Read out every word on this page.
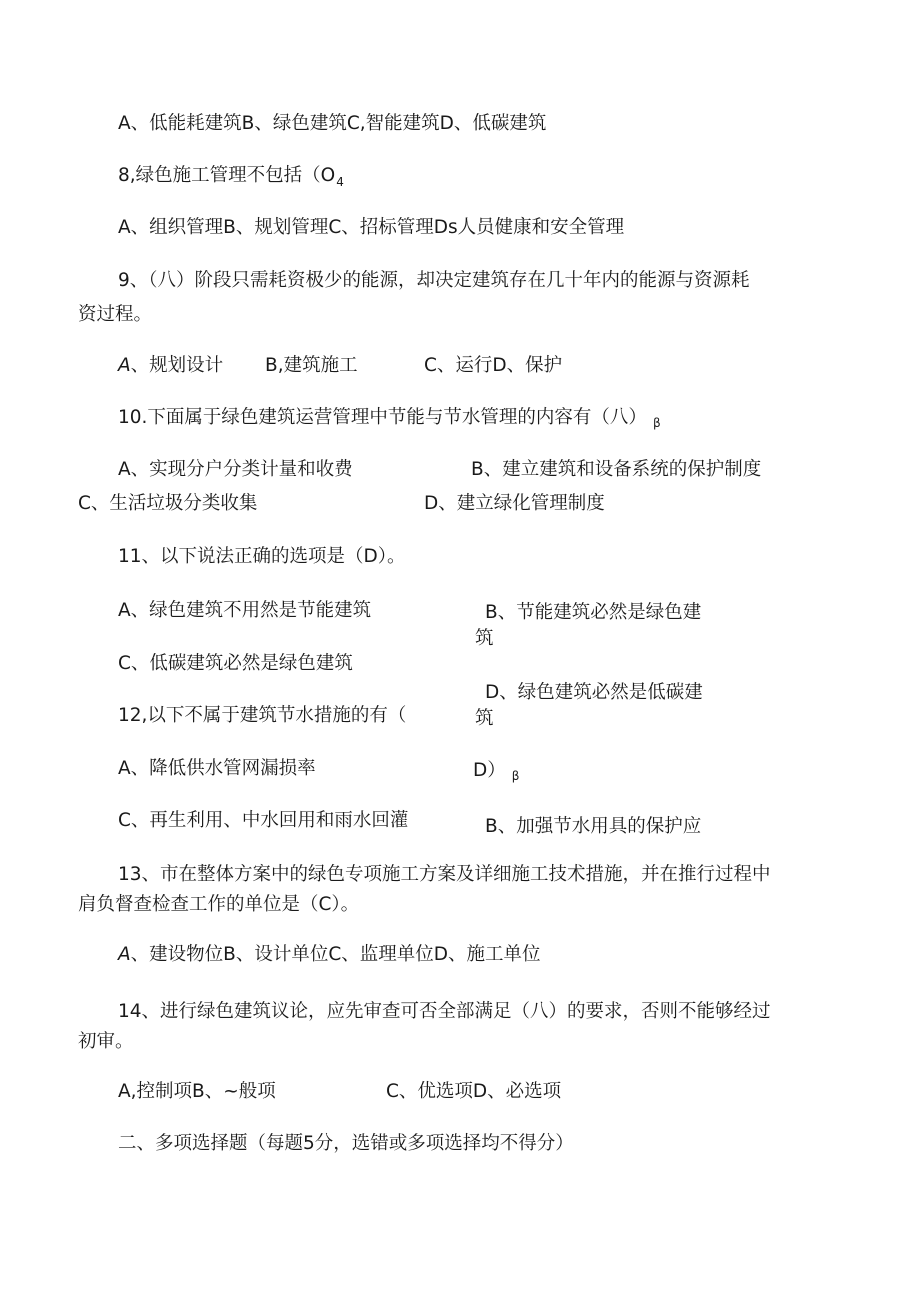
A、低能耗建筑B、绿色建筑C,智能建筑D、低碳建筑

8,绿色施工管理不包括（$O_4$

A、组织管理B、规划管理C、招标管理Ds人员健康和安全管理

9、（八）阶段只需耗资极少的能源，却决定建筑存在几十年内的能源与资源耗

资过程。

A、规划设计 B,建筑施工	C、运行D、保护

10.下面属于绿色建筑运营管理中节能与节水管理的内容有（八） $_\beta$

A、实现分户分类计量和收费	B、建立建筑和设备系统的保护制度

C、生活垃圾分类收集	D、建立绿化管理制度

11、以下说法正确的选项是（D）。

A、绿色建筑不用然是节能建筑	B、节能建筑必然是绿色建

筑

C、低碳建筑必然是绿色建筑

D、绿色建筑必然是低碳建

筑

12,以下不属于建筑节水措施的有（

A、降低供水管网漏损率	D） $_\beta$

C、再生利用、中水回用和雨水回灌	B、加强节水用具的保护应

13、市在整体方案中的绿色专项施工方案及详细施工技术措施，并在推行过程中

肩负督查检查工作的单位是（C）。

A、建设物位B、设计单位C、监理单位D、施工单位

14、进行绿色建筑议论，应先审查可否全部满足（八）的要求，否则不能够经过

初审。

A,控制项B、~般项	C、优选项D、必选项

二、多项选择题（每题5分，选错或多项选择均不得分）
